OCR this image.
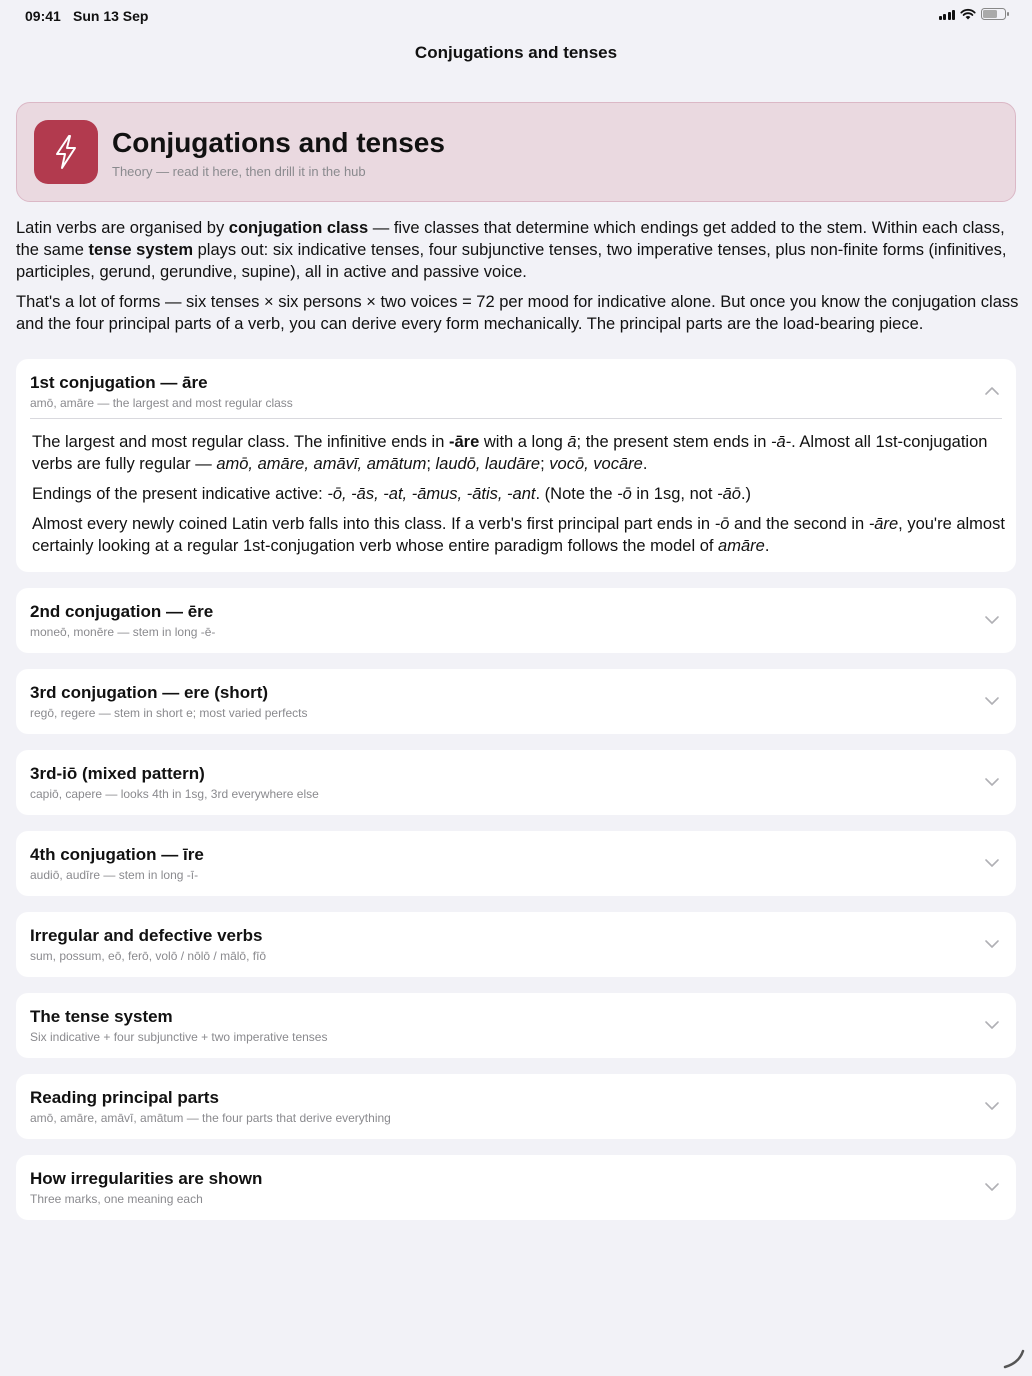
09:41 Sun 13 Sep
Conjugations and tenses
Conjugations and tenses
Theory — read it here, then drill it in the hub

Latin verbs are organised by conjugation class — five classes that determine which endings get added to the stem. Within each class, the same tense system plays out: six indicative tenses, four subjunctive tenses, two imperative tenses, plus non-finite forms (infinitives, participles, gerund, gerundive, supine), all in active and passive voice.

That's a lot of forms — six tenses × six persons × two voices = 72 per mood for indicative alone. But once you know the conjugation class and the four principal parts of a verb, you can derive every form mechanically. The principal parts are the load-bearing piece.

1st conjugation — āre
amō, amāre — the largest and most regular class

The largest and most regular class. The infinitive ends in -āre with a long ā; the present stem ends in -ā-. Almost all 1st-conjugation verbs are fully regular — amō, amāre, amāvī, amātum; laudō, laudāre; vocō, vocāre.

Endings of the present indicative active: -ō, -ās, -at, -āmus, -ātis, -ant. (Note the -ō in 1sg, not -āō.)

Almost every newly coined Latin verb falls into this class. If a verb's first principal part ends in -ō and the second in -āre, you're almost certainly looking at a regular 1st-conjugation verb whose entire paradigm follows the model of amāre.

2nd conjugation — ēre
moneō, monēre — stem in long -ē-
3rd conjugation — ere (short)
regō, regere — stem in short e; most varied perfects
3rd-iō (mixed pattern)
capiō, capere — looks 4th in 1sg, 3rd everywhere else
4th conjugation — īre
audiō, audīre — stem in long -ī-
Irregular and defective verbs
sum, possum, eō, ferō, volō / nōlō / mālō, fīō
The tense system
Six indicative + four subjunctive + two imperative tenses
Reading principal parts
amō, amāre, amāvī, amātum — the four parts that derive everything
How irregularities are shown
Three marks, one meaning each
